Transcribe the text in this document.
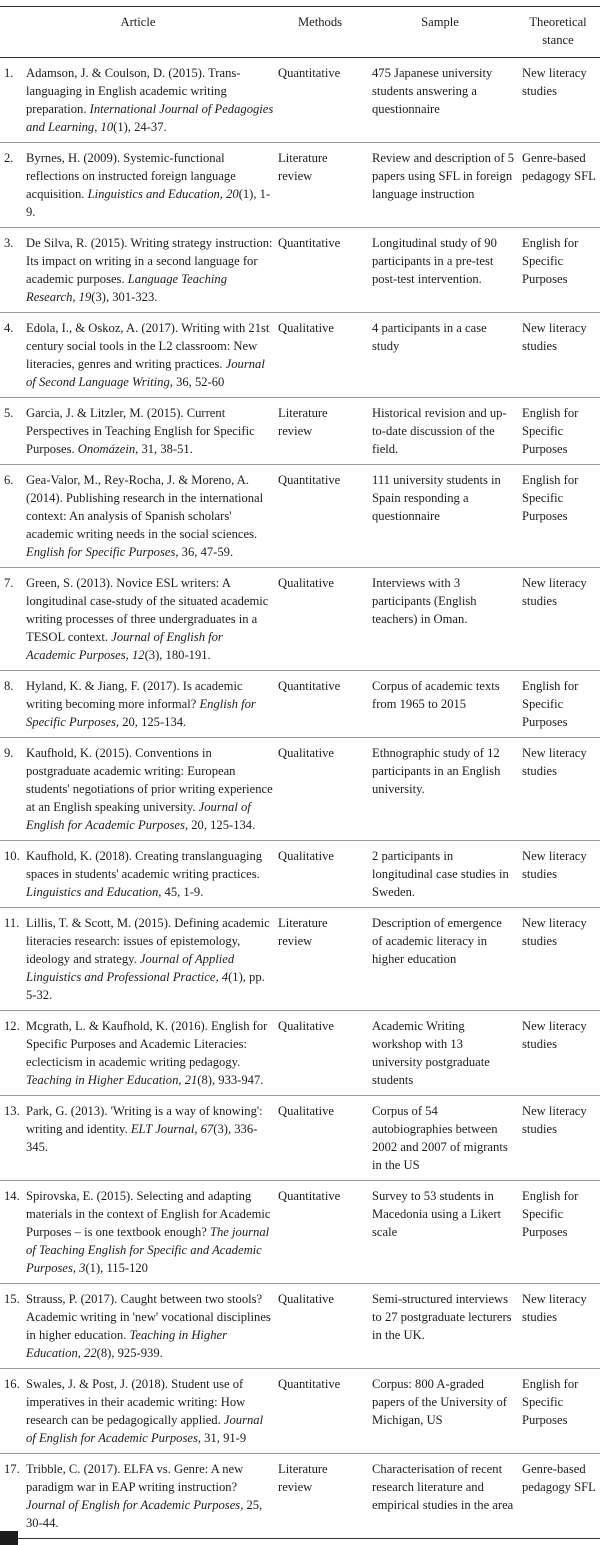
Article	Methods	Sample	Theoretical stance
1. Adamson, J. & Coulson, D. (2015). Trans-languaging in English academic writing preparation. International Journal of Pedagogies and Learning, 10(1), 24-37.	Quantitative	475 Japanese university students answering a questionnaire	New literacy studies
2. Byrnes, H. (2009). Systemic-functional reflections on instructed foreign language acquisition. Linguistics and Education, 20(1), 1-9.	Literature review	Review and description of 5 papers using SFL in foreign language instruction	Genre-based pedagogy SFL
3. De Silva, R. (2015). Writing strategy instruction: Its impact on writing in a second language for academic purposes. Language Teaching Research, 19(3), 301-323.	Quantitative	Longitudinal study of 90 participants in a pre-test post-test intervention.	English for Specific Purposes
4. Edola, I., & Oskoz, A. (2017). Writing with 21st century social tools in the L2 classroom: New literacies, genres and writing practices. Journal of Second Language Writing, 36, 52-60	Qualitative	4 participants in a case study	New literacy studies
5. Garcia, J. & Litzler, M. (2015). Current Perspectives in Teaching English for Specific Purposes. Onomázein, 31, 38-51.	Literature review	Historical revision and up-to-date discussion of the field.	English for Specific Purposes
6. Gea-Valor, M., Rey-Rocha, J. & Moreno, A. (2014). Publishing research in the international context: An analysis of Spanish scholars' academic writing needs in the social sciences. English for Specific Purposes, 36, 47-59.	Quantitative	111 university students in Spain responding a questionnaire	English for Specific Purposes
7. Green, S. (2013). Novice ESL writers: A longitudinal case-study of the situated academic writing processes of three undergraduates in a TESOL context. Journal of English for Academic Purposes, 12(3), 180-191.	Qualitative	Interviews with 3 participants (English teachers) in Oman.	New literacy studies
8. Hyland, K. & Jiang, F. (2017). Is academic writing becoming more informal? English for Specific Purposes, 20, 125-134.	Quantitative	Corpus of academic texts from 1965 to 2015	English for Specific Purposes
9. Kaufhold, K. (2015). Conventions in postgraduate academic writing: European students' negotiations of prior writing experience at an English speaking university. Journal of English for Academic Purposes, 20, 125-134.	Qualitative	Ethnographic study of 12 participants in an English university.	New literacy studies
10. Kaufhold, K. (2018). Creating translanguaging spaces in students' academic writing practices. Linguistics and Education, 45, 1-9.	Qualitative	2 participants in longitudinal case studies in Sweden.	New literacy studies
11. Lillis, T. & Scott, M. (2015). Defining academic literacies research: issues of epistemology, ideology and strategy. Journal of Applied Linguistics and Professional Practice, 4(1), pp. 5-32.	Literature review	Description of emergence of academic literacy in higher education	New literacy studies
12. Mcgrath, L. & Kaufhold, K. (2016). English for Specific Purposes and Academic Literacies: eclecticism in academic writing pedagogy. Teaching in Higher Education, 21(8), 933-947.	Qualitative	Academic Writing workshop with 13 university postgraduate students	New literacy studies
13. Park, G. (2013). 'Writing is a way of knowing': writing and identity. ELT Journal, 67(3), 336-345.	Qualitative	Corpus of 54 autobiographies between 2002 and 2007 of migrants in the US	New literacy studies
14. Spirovska, E. (2015). Selecting and adapting materials in the context of English for Academic Purposes – is one textbook enough? The journal of Teaching English for Specific and Academic Purposes, 3(1), 115-120	Quantitative	Survey to 53 students in Macedonia using a Likert scale	English for Specific Purposes
15. Strauss, P. (2017). Caught between two stools? Academic writing in 'new' vocational disciplines in higher education. Teaching in Higher Education, 22(8), 925-939.	Qualitative	Semi-structured interviews to 27 postgraduate lecturers in the UK.	New literacy studies
16. Swales, J. & Post, J. (2018). Student use of imperatives in their academic writing: How research can be pedagogically applied. Journal of English for Academic Purposes, 31, 91-9	Quantitative	Corpus: 800 A-graded papers of the University of Michigan, US	English for Specific Purposes
17. Tribble, C. (2017). ELFA vs. Genre: A new paradigm war in EAP writing instruction? Journal of English for Academic Purposes, 25, 30-44.	Literature review	Characterisation of recent research literature and empirical studies in the area	Genre-based pedagogy SFL
